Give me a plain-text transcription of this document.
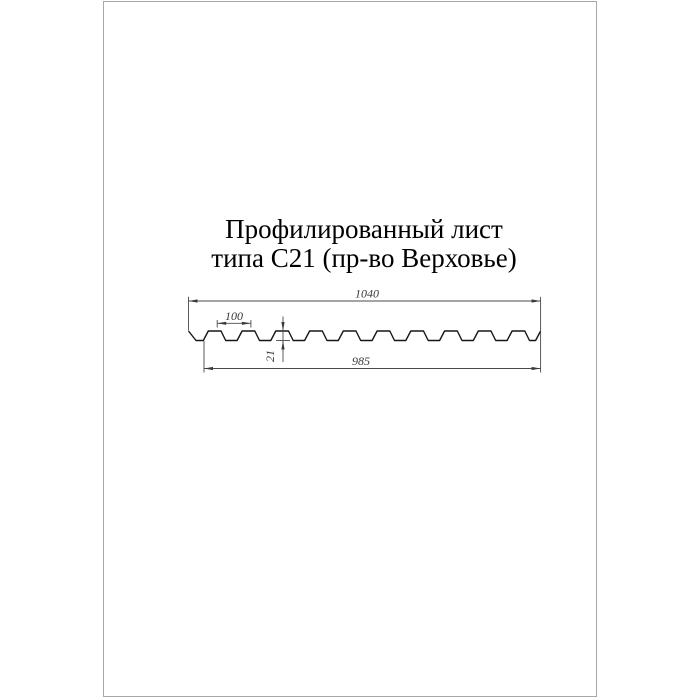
Профилированный лист
типа С21 (пр-во Верховье)
1040
100
985
21
